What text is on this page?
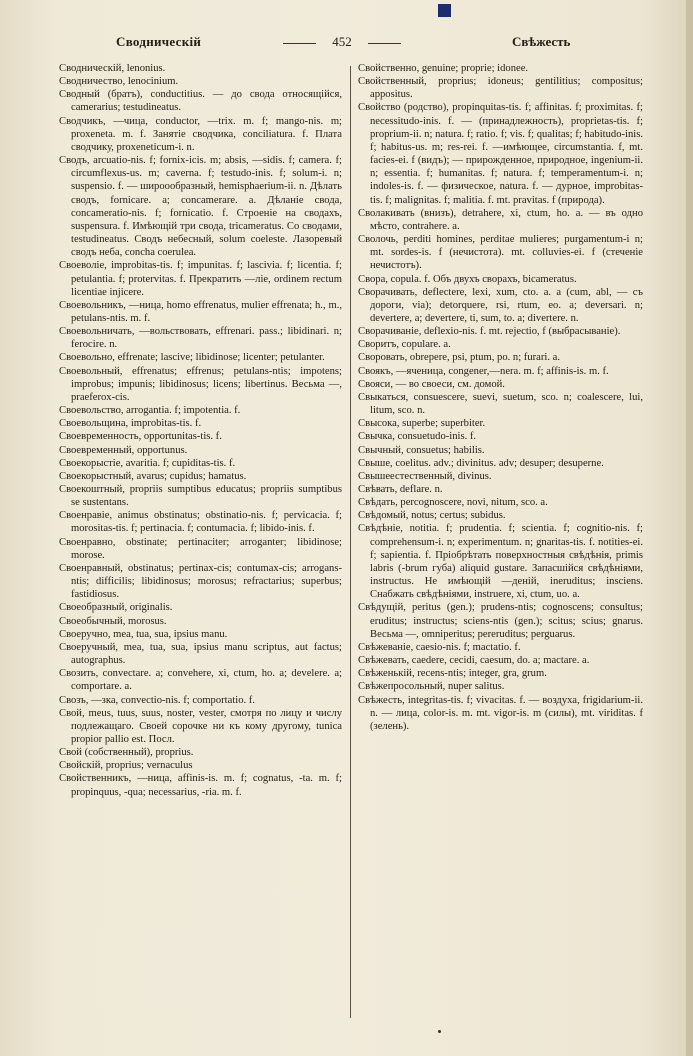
Сводническій	452	Свѣжесть

Сводническій, lenonius.

Сводничество, lenocinium.

Сводный (братъ), conductitius. — до свода относящійся, camerarius; testudineatus.

Сводчикъ, —чица, conductor, —trix. m. f; mango-nis. m; proxeneta. m. f. Занятіе сводчика, conciliatura. f. Плата сводчику, proxeneticum-i. n.

Сводъ, arcuatio-nis. f; fornix-icis. m; absis, —sidis. f; camera. f; circumflexus-us. m; caverna. f; testudo-inis. f; solum-i. n; suspensio. f. — широообразный, hemisphaerium-ii. n. Дѣлать сводъ, fornicare. a; concamerare. a. Дѣланіе свода, concameratio-nis. f; fornicatio. f. Строеніе на сводахъ, suspensura. f. Имѣющій три свода, tricameratus. Со сводами, testudineatus. Сводъ небесный, solum coeleste. Лазоревый сводъ неба, concha coerulea.

Своеволіе, improbitas-tis. f; impunitas. f; lascivia. f; licentia. f; petulantia. f; protervitas. f. Прекратить —ліе, ordinem rectum licentiae injicere.

Своевольникъ, —ница, homo effrenatus, mulier effrenata; h., m., petulans-ntis. m. f.

Своевольничать, —вольствовать, effrenari. pass.; libidinari. n; ferocire. n.

Своевольно, effrenate; lascive; libidinose; licenter; petulanter.

Своевольный, effrenatus; effrenus; petulans-ntis; impotens; improbus; impunis; libidinosus; licens; libertinus. Весьма —, praeferox-cis.

Своевольство, arrogantia. f; impotentia. f.

Своевольщина, improbitas-tis. f.

Своевременность, opportunitas-tis. f.

Своевременный, opportunus.

Своекорыстіе, avaritia. f; cupiditas-tis. f.

Своекорыстный, avarus; cupidus; hamatus.

Своекоштный, propriis sumptibus educatus; propriis sumptibus se sustentans.

Своенравіе, animus obstinatus; obstinatio-nis. f; pervicacia. f; morositas-tis. f; pertinacia. f; contumacia. f; libido-inis. f.

Своенравно, obstinate; pertinaciter; arroganter; libidinose; morose.

Своенравный, obstinatus; pertinax-cis; contumax-cis; arrogans-ntis; difficilis; libidinosus; morosus; refractarius; superbus; fastidiosus.

Своеобразный, originalis.

Своеобычный, morosus.

Своеручно, mea, tua, sua, ipsius manu.

Своеручный, mea, tua, sua, ipsius manu scriptus, aut factus; autographus.

Свозить, convectare. a; convehere, xi, ctum, ho. a; develere. a; comportare. a.

Свозъ, —зка, convectio-nis. f; comportatio. f.

Свой, meus, tuus, suus, noster, vester, смотря по лицу и числу подлежащаго. Своей сорочке ни къ кому другому, tunica propior pallio est. Посл.

Свой (собственный), proprius.

Свойскій, proprius; vernaculus

Свойственникъ, —ница, affinis-is. m. f; cognatus, -ta. m. f; propinquus, -qua; necessarius, -ria. m. f.

Свойственно, genuine; proprie; idonee.

Свойственный, proprius; idoneus; gentilitius; compositus; appositus.

Свойство (родство), propinquitas-tis. f; affinitas. f; proximitas. f; necessitudo-inis. f. — (принадлежность), proprietas-tis. f; proprium-ii. n; natura. f; ratio. f; vis. f; qualitas; f; habitudo-inis. f; habitus-us. m; res-rei. f. —имѣющее, circumstantia. f, mt. facies-ei. f (видъ); — прирожденное, природное, ingenium-ii. n; essentia. f; humanitas. f; natura. f; temperamentum-i. n; indoles-is. f. — физическое, natura. f. — дурное, improbitas-tis. f; malignitas. f; malitia. f. mt. pravitas. f (природа).

Сволакивать (внизъ), detrahere, xi, ctum, ho. a. — въ одно мѣсто, contrahere. a.

Сволочь, perditi homines, perditae mulieres; purgamentum-i n; mt. sordes-is. f (нечистота). mt. colluvies-ei. f (стеченіе нечистотъ).

Свора, copula. f. Объ двухъ сворахъ, bicameratus.

Сворачивать, deflectere, lexi, xum, cto. a. a (cum, abl, — съ дороги, via); detorquere, rsi, rtum, eo. a; deversari. n; devertere, a; devertere, ti, sum, to. a; divertere. n.

Сворачиваніе, deflexio-nis. f. mt. rejectio, f (выбрасываніе).

Своритъ, copulare. a.

Своровать, obrepere, psi, ptum, po. n; furari. a.

Своякъ, —яченица, congener,—nera. m. f; affinis-is. m. f.

Свояси, — во своеси, см. домой.

Свыкаться, consuescere, suevi, suetum, sco. n; coalescere, lui, litum, sco. n.

Свысока, superbe; superbiter.

Свычка, consuetudo-inis. f.

Свычный, consuetus; habilis.

Свыше, coelitus. adv.; divinitus. adv; desuper; desuperne.

Свышеестественный, divinus.

Свѣвать, deflare. n.

Свѣдать, percognoscere, novi, nitum, sco. a.

Свѣдомый, notus; certus; subidus.

Свѣдѣніе, notitia. f; prudentia. f; scientia. f; cognitio-nis. f; comprehensum-i. n; experimentum. n; gnaritas-tis. f. notities-ei. f; sapientia. f. Пріобрѣтать поверхностныя свѣдѣнія, primis labris (-brum губа) aliquid gustare. Запасшійся свѣдѣніями, instructus. Не имѣющій —деній, ineruditus; insciens. Снабжать свѣдѣніями, instruere, xi, ctum, uo. a.

Свѣдущій, peritus (gen.); prudens-ntis; cognoscens; consultus; eruditus; instructus; sciens-ntis (gen.); scitus; scius; gnarus. Весьма —, omniperitus; pereruditus; perguarus.

Свѣжеваніе, caesio-nis. f; mactatio. f.

Свѣжевать, caedere, cecidi, caesum, do. a; mactare. a.

Свѣженькій, recens-ntis; integer, gra, grum.

Свѣжепросольный, nuper salitus.

Свѣжесть, integritas-tis. f; vivacitas. f. — воздуха, frigidarium-ii. n. — лица, color-is. m. mt. vigor-is. m (силы), mt. viriditas. f (зелень).
